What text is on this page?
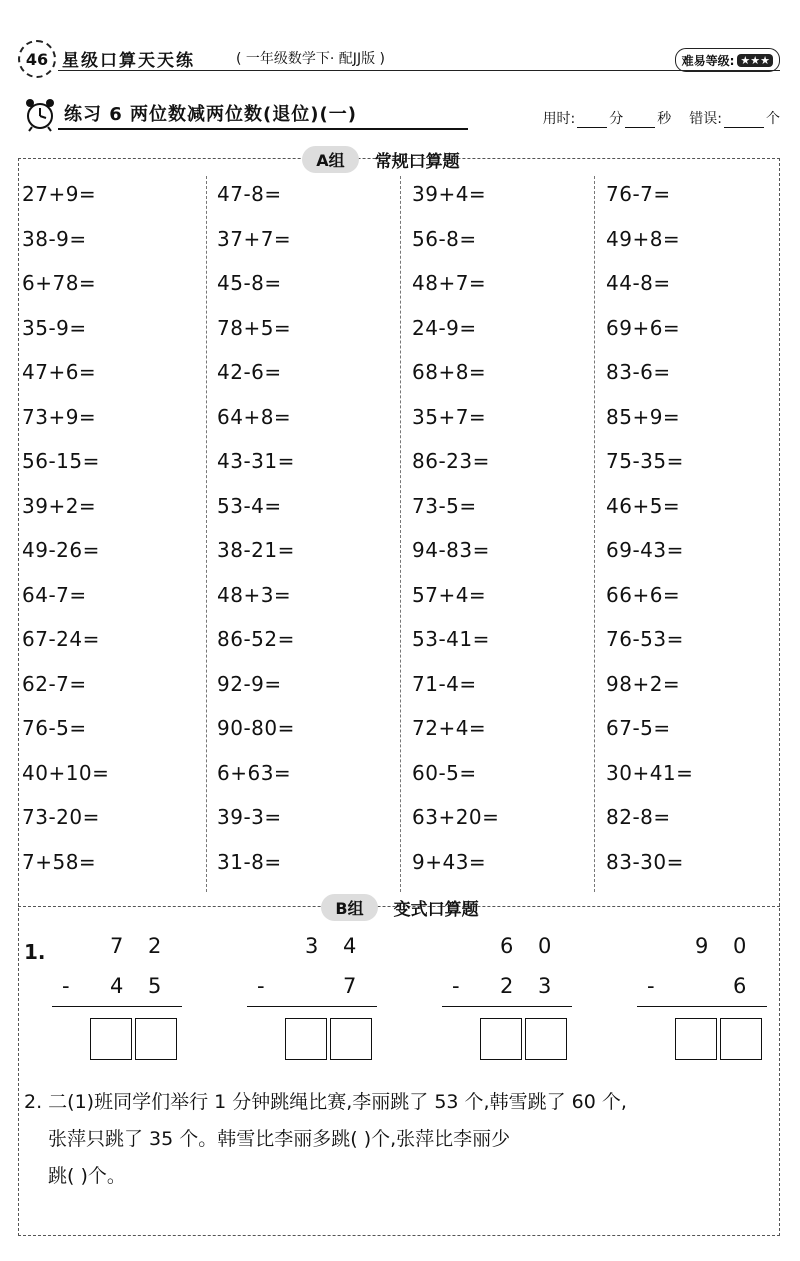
46 星级口算天天练	( 一年级数学下· 配JJ版 )	难易等级: ★★★
练习 6 两位数减两位数(退位)(一)	用时: 分 秒 错误:	个
A组	常规口算题
27+9=
38-9=
6+78=
35-9=
47+6=
73+9=
56-15=
39+2=
49-26=
64-7=
67-24=
62-7=
76-5=
40+10=
73-20=
7+58=
47-8=
37+7=
45-8=
78+5=
42-6=
64+8=
43-31=
53-4=
38-21=
48+3=
86-52=
92-9=
90-80=
6+63=
39-3=
31-8=
39+4=
56-8=
48+7=
24-9=
68+8=
35+7=
86-23=
73-5=
94-83=
57+4=
53-41=
71-4=
72+4=
60-5=
63+20=
9+43=
76-7=
49+8=
44-8=
69+6=
83-6=
85+9=
75-35=
46+5=
69-43=
66+6=
76-53=
98+2=
67-5=
30+41=
82-8=
83-30=
B组	变式口算题
1.	7 2
- 4 5
3 4
-	7
6 0
- 2 3
9 0
-	6

2. 二(1)班同学们举行 1 分钟跳绳比赛,李丽跳了 53 个,韩雪跳了 60 个,

张萍只跳了 35 个。韩雪比李丽多跳( )个,张萍比李丽少

跳( )个。
